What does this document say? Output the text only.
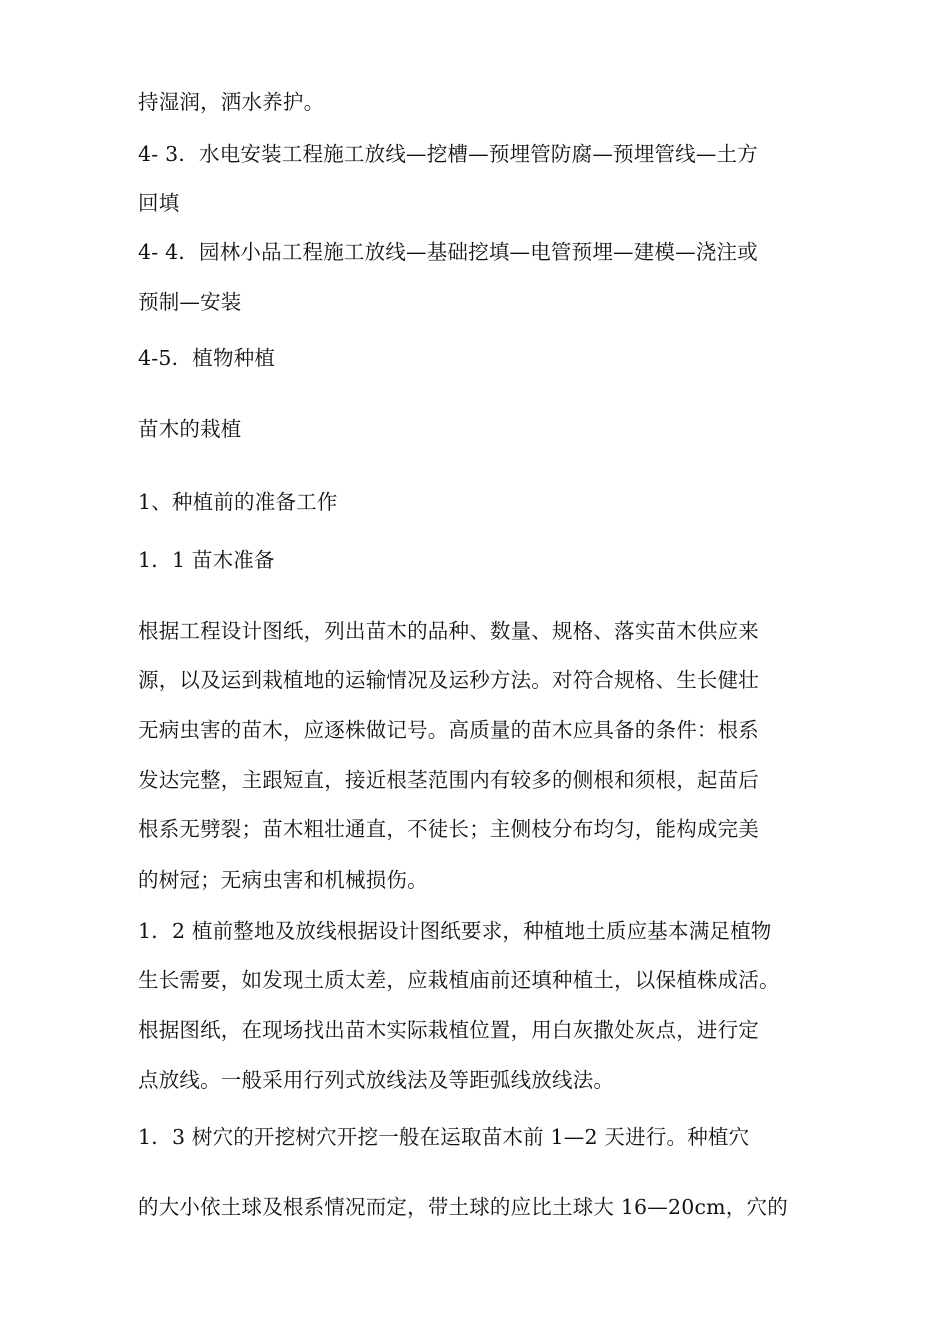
持湿润，洒水养护。
4- 3．水电安装工程施工放线—挖槽—预埋管防腐—预埋管线—土方
回填
4- 4．园林小品工程施工放线—基础挖填—电管预埋—建模—浇注或
预制—安装
4-5．植物种植
苗木的栽植
1、种植前的准备工作
1．1 苗木准备
根据工程设计图纸，列出苗木的品种、数量、规格、落实苗木供应来
源，以及运到栽植地的运输情况及运秒方法。对符合规格、生长健壮
无病虫害的苗木，应逐株做记号。高质量的苗木应具备的条件：根系
发达完整，主跟短直，接近根茎范围内有较多的侧根和须根，起苗后
根系无劈裂；苗木粗壮通直，不徒长；主侧枝分布均匀，能构成完美
的树冠；无病虫害和机械损伤。
1．2 植前整地及放线根据设计图纸要求，种植地土质应基本满足植物
生长需要，如发现土质太差，应栽植庙前还填种植土，以保植株成活。
根据图纸，在现场找出苗木实际栽植位置，用白灰撒处灰点，进行定
点放线。一般采用行列式放线法及等距弧线放线法。
1．3 树穴的开挖树穴开挖一般在运取苗木前 1—2 天进行。种植穴
的大小依土球及根系情况而定，带土球的应比土球大 16—20cm，穴的
